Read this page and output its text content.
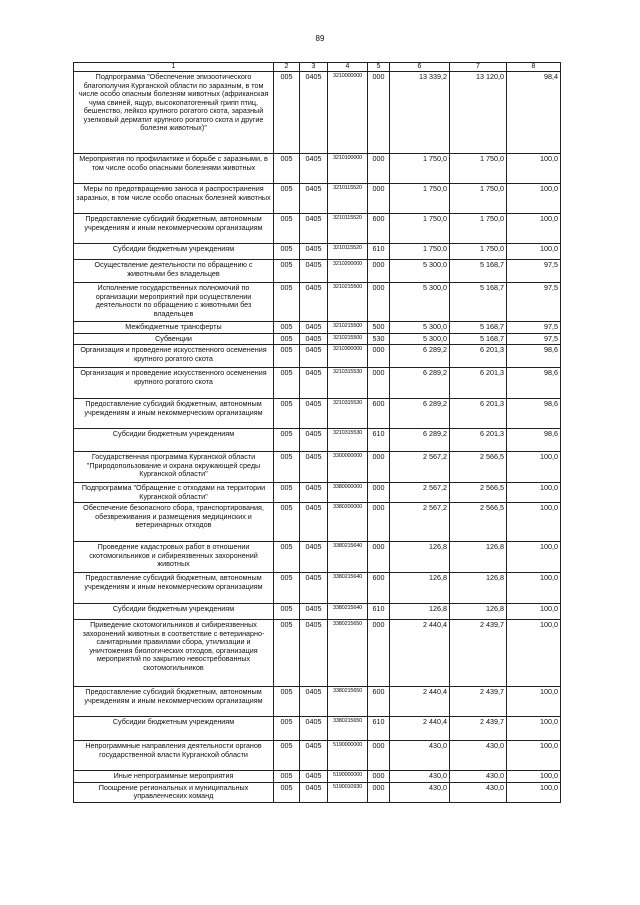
89
1	2	3	4	5	6	7	8
Подпрограмма "Обеспечение эпизоотического благополучия Курганской области по заразным, в том числе особо опасным болезням животных (африканская чума свиней, ящур, высокопатогенный грипп птиц, бешенство, лейкоз крупного рогатого скота, заразный узелковый дерматит крупного рогатого скота и другие болезни животных)"	005	0405	3210000000	000	13 339,2	13 120,0	98,4
Мероприятия по профилактике и борьбе с заразными, в том числе особо опасными болезнями животных	005	0405	3210100000	000	1 750,0	1 750,0	100,0
Меры по предотвращению заноса и распространения заразных, в том числе особо опасных болезней животных	005	0405	3210115520	000	1 750,0	1 750,0	100,0
Предоставление субсидий бюджетным, автономным учреждениям и иным некоммерческим организациям	005	0405	3210115520	600	1 750,0	1 750,0	100,0
Субсидии бюджетным учреждениям	005	0405	3210115520	610	1 750,0	1 750,0	100,0
Осуществление деятельности по обращению с животными без владельцев	005	0405	3210200000	000	5 300,0	5 168,7	97,5
Исполнение государственных полномочий по организации мероприятий при осуществлении деятельности по обращению с животными без владельцев	005	0405	3210215500	000	5 300,0	5 168,7	97,5
Межбюджетные трансферты	005	0405	3210215500	500	5 300,0	5 168,7	97,5
Субвенции	005	0405	3210215500	530	5 300,0	5 168,7	97,5
Организация и проведение искусственного осеменения крупного рогатого скота	005	0405	3210300000	000	6 289,2	6 201,3	98,6
Организация и проведение искусственного осеменения крупного рогатого скота	005	0405	3210315530	000	6 289,2	6 201,3	98,6
Предоставление субсидий бюджетным, автономным учреждениям и иным некоммерческим организациям	005	0405	3210315530	600	6 289,2	6 201,3	98,6
Субсидии бюджетным учреждениям	005	0405	3210315530	610	6 289,2	6 201,3	98,6
Государственная программа Курганской области "Природопользование и охрана окружающей среды Курганской области"	005	0405	3300000000	000	2 567,2	2 566,5	100,0
Подпрограмма "Обращение с отходами на территории Курганской области"	005	0405	3380000000	000	2 567,2	2 566,5	100,0
Обеспечение безопасного сбора, транспортирования, обезвреживания и размещения медицинских и ветеринарных отходов	005	0405	3380200000	000	2 567,2	2 566,5	100,0
Проведение кадастровых работ в отношении скотомогильников и сибиреязвенных захоронений животных	005	0405	3380215640	000	126,8	126,8	100,0
Предоставление субсидий бюджетным, автономным учреждениям и иным некоммерческим организациям	005	0405	3380215640	600	126,8	126,8	100,0
Субсидии бюджетным учреждениям	005	0405	3380215640	610	126,8	126,8	100,0
Приведение скотомогильников и сибиреязвенных захоронений животных в соответствие с ветеринарно-санитарными правилами сбора, утилизации и уничтожения биологических отходов, организация мероприятий по закрытию невостребованных скотомогильников	005	0405	3380215650	000	2 440,4	2 439,7	100,0
Предоставление субсидий бюджетным, автономным учреждениям и иным некоммерческим организациям	005	0405	3380215650	600	2 440,4	2 439,7	100,0
Субсидии бюджетным учреждениям	005	0405	3380215650	610	2 440,4	2 439,7	100,0
Непрограммные направления деятельности органов государственной власти Курганской области	005	0405	5190000000	000	430,0	430,0	100,0
Иные непрограммные мероприятия	005	0405	5190000000	000	430,0	430,0	100,0
Поощрение региональных и муниципальных управленческих команд	005	0405	5190010930	000	430,0	430,0	100,0
